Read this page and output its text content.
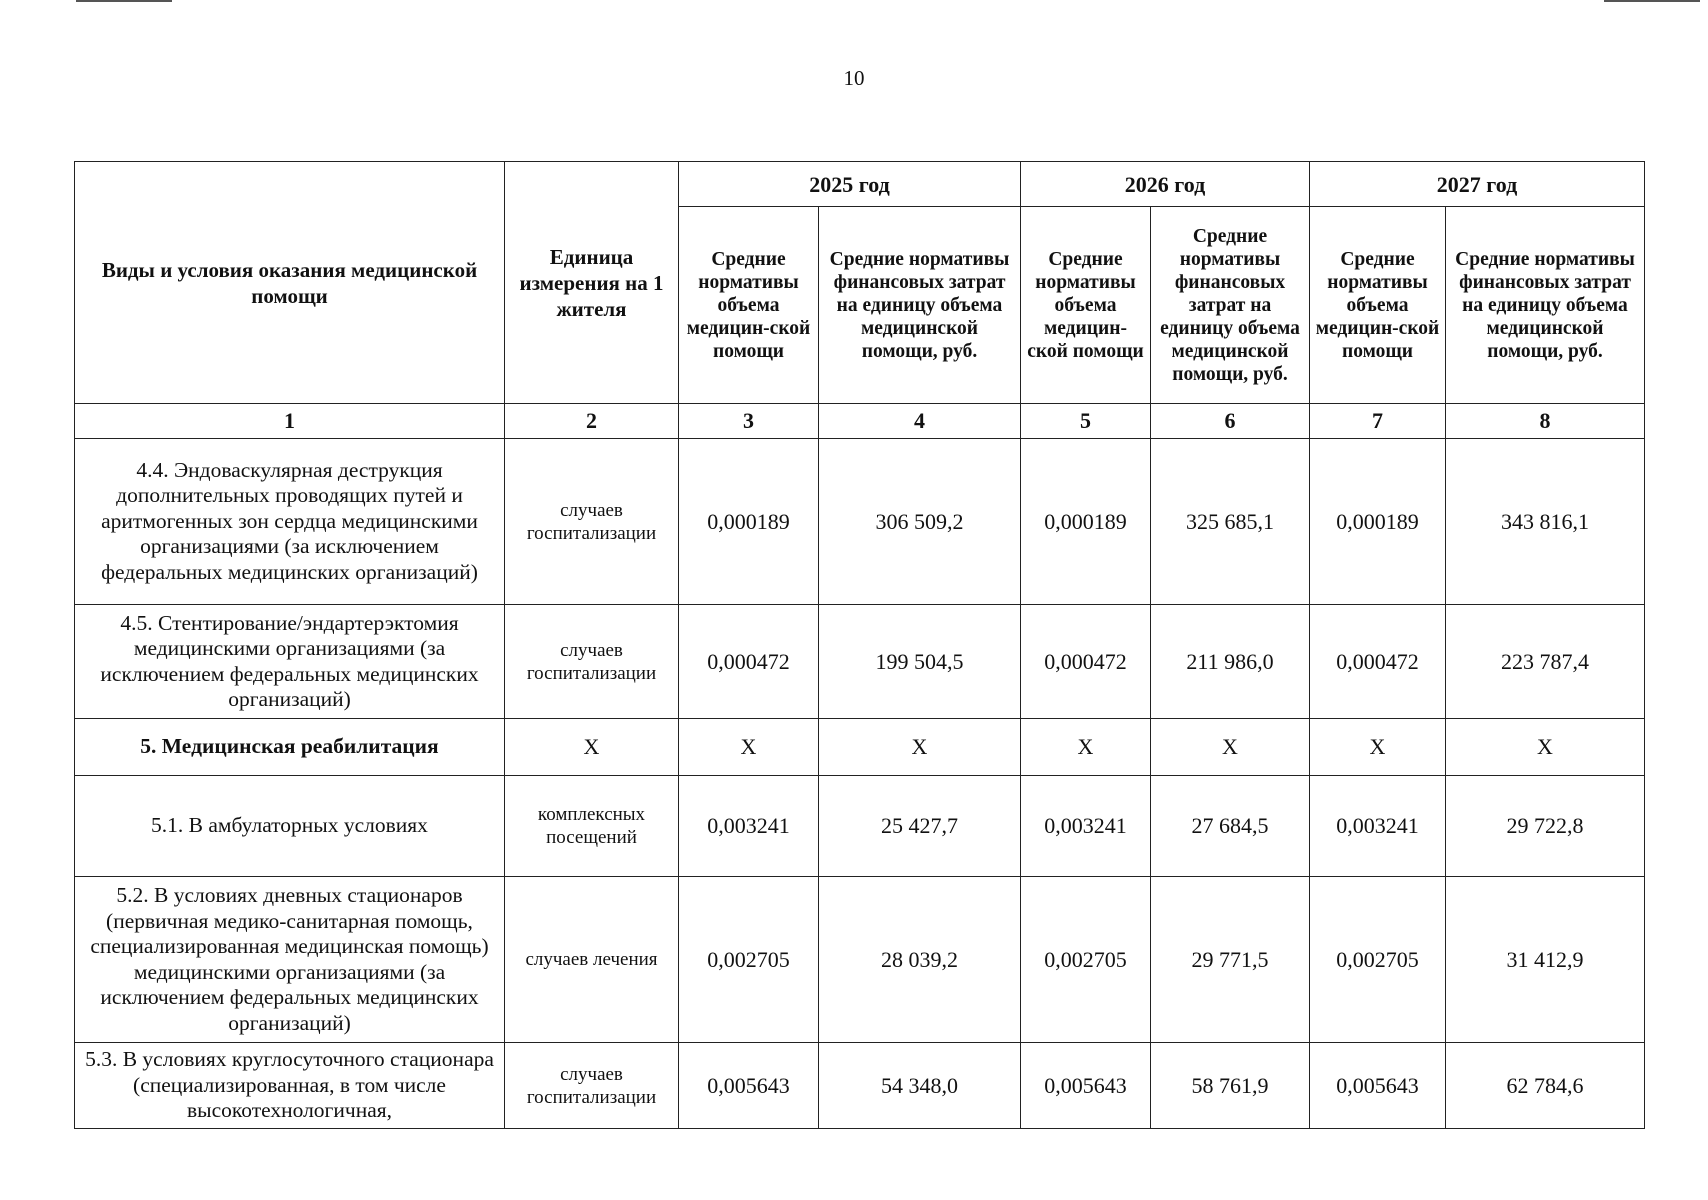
10
Виды и условия оказания медицинской помощи	Единица измерения на 1 жителя	2025 год		2026 год		2027 год	
		Средние нормативы объема медицин-ской помощи	Средние нормативы финансовых затрат на единицу объема медицинской помощи, руб.	Средние нормативы объема медицин-ской помощи	Средние нормативы финансовых затрат на единицу объема медицинской помощи, руб.	Средние нормативы объема медицин-ской помощи	Средние нормативы финансовых затрат на единицу объема медицинской помощи, руб.
1	2	3	4	5	6	7	8
4.4. Эндоваскулярная деструкция дополнительных проводящих путей и аритмогенных зон сердца медицинскими организациями (за исключением федеральных медицинских организаций)	случаев госпитализации	0,000189	306 509,2	0,000189	325 685,1	0,000189	343 816,1
4.5. Стентирование/эндартерэктомия медицинскими организациями (за исключением федеральных медицинских организаций)	случаев госпитализации	0,000472	199 504,5	0,000472	211 986,0	0,000472	223 787,4
5. Медицинская реабилитация	X	X	X	X	X	X	X
5.1. В амбулаторных условиях	комплексных посещений	0,003241	25 427,7	0,003241	27 684,5	0,003241	29 722,8
5.2. В условиях дневных стационаров (первичная медико-санитарная помощь, специализированная медицинская помощь) медицинскими организациями (за исключением федеральных медицинских организаций)	случаев лечения	0,002705	28 039,2	0,002705	29 771,5	0,002705	31 412,9
5.3. В условиях круглосуточного стационара (специализированная, в том числе высокотехнологичная,	случаев госпитализации	0,005643	54 348,0	0,005643	58 761,9	0,005643	62 784,6
